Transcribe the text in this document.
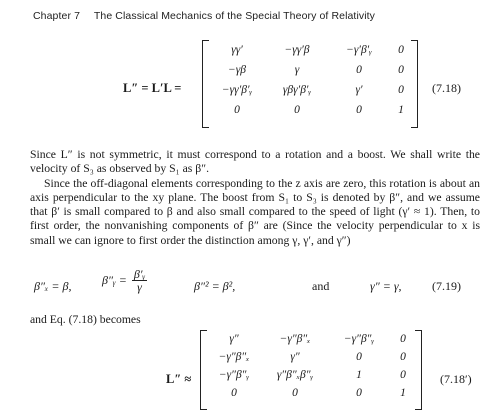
Chapter 7 The Classical Mechanics of the Special Theory of Relativity
L″ = L′L =
γγ′	−γγ′β	−γ′β′ᵧ	0
−γβ	γ	0	0
−γγ′β′ᵧ	γβγ′β′ᵧ	γ′	0
0	0	0	1
(7.18)

Since L″ is not symmetric, it must correspond to a rotation and a boost. We shall write the velocity of S₃ as observed by S₁ as β″.

Since the off-diagonal elements corresponding to the z axis are zero, this rotation is about an axis perpendicular to the xy plane. The boost from S₁ to S₃ is denoted by β″, and we assume that β′ is small compared to β and also small compared to the speed of light (γ′ ≈ 1). Then, to first order, the nonvanishing components of β″ are (Since the velocity perpendicular to x is small we can ignore to first order the distinction among γ, γ′, and γ″)

β″ₓ = β,	β″ᵧ = $\frac{\text{β′ᵧ}}{\gamma}$	β″² = β²,	and	γ″ = γ,	(7.19)

and Eq. (7.18) becomes

L″ ≈
γ″	−γ″β″ₓ	−γ″β″ᵧ	0
−γ″β″ₓ	γ″	0	0
−γ″β″ᵧ	γ″β″ₓβ″ᵧ	1	0
0	0	0	1
(7.18′)
